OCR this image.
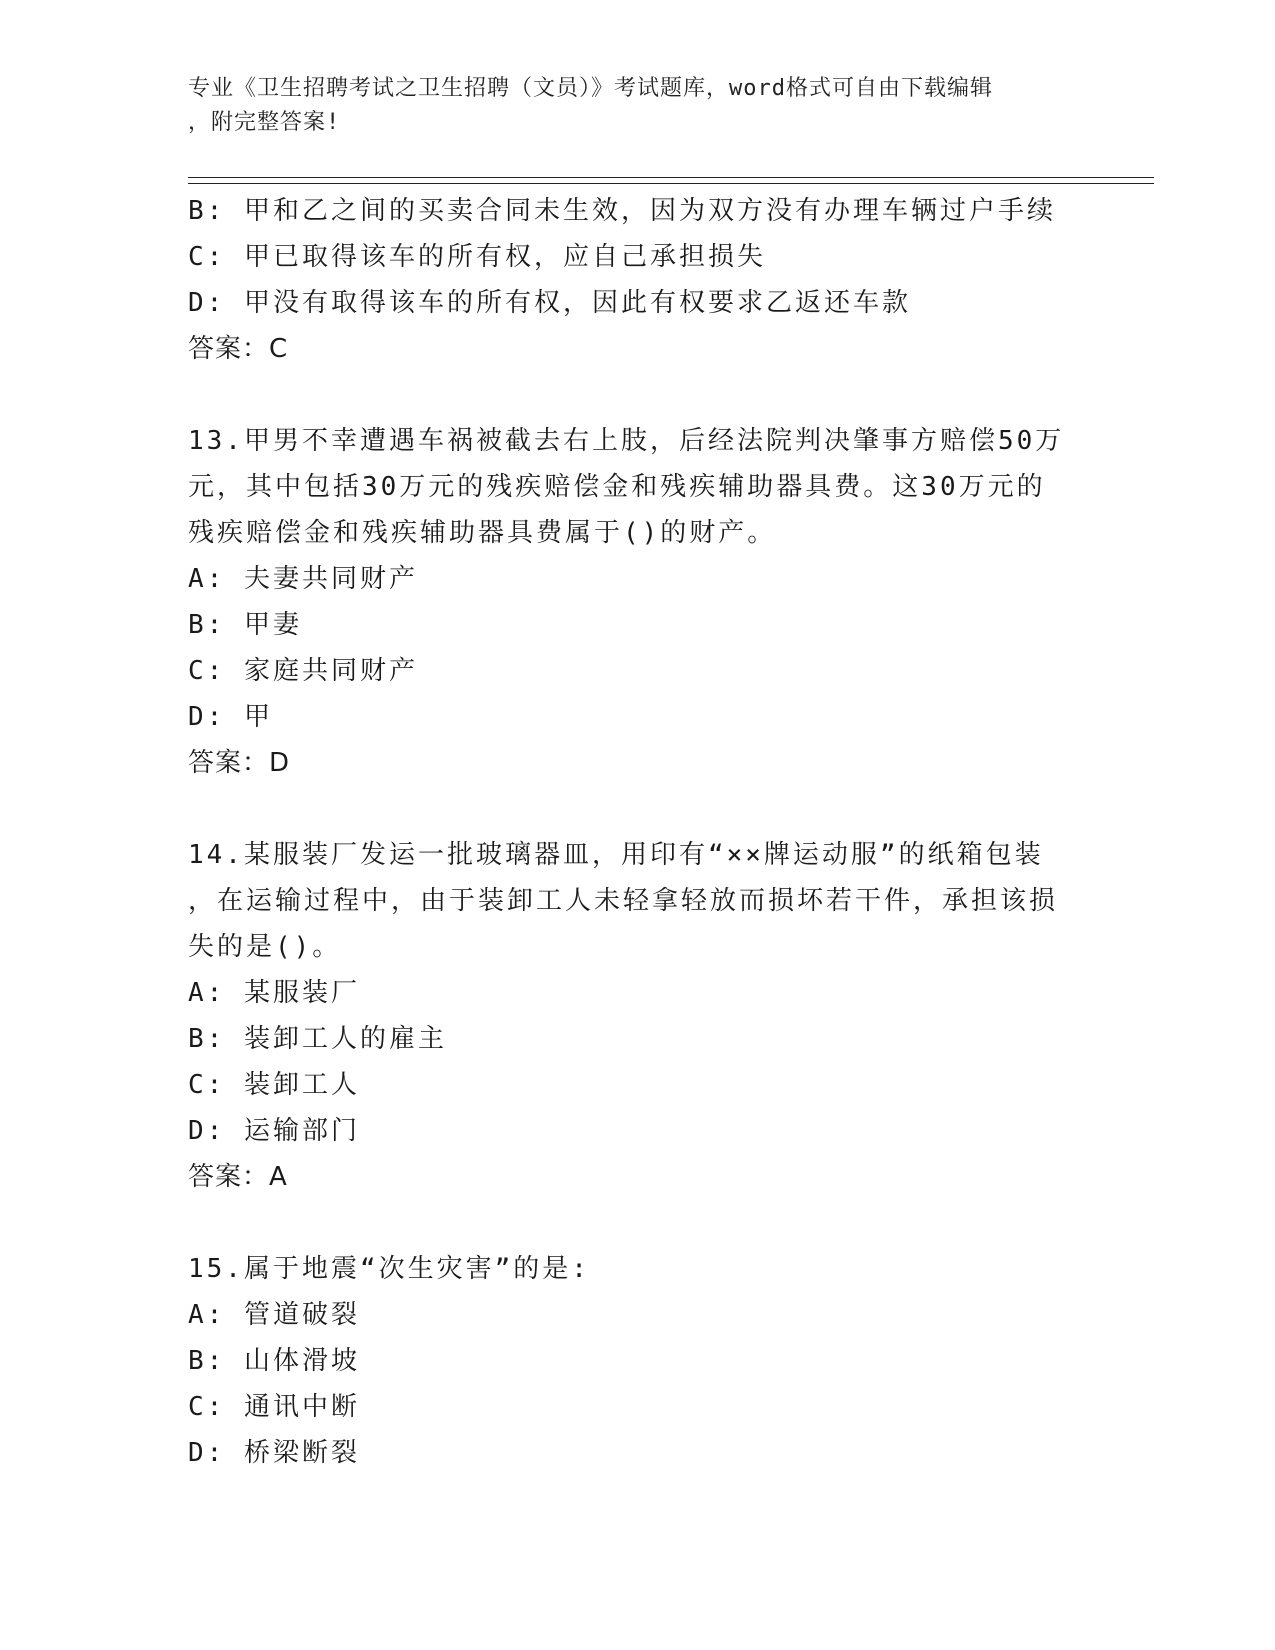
专业《卫生招聘考试之卫生招聘（文员）》考试题库，word格式可自由下载编辑
，附完整答案!
B: 甲和乙之间的买卖合同未生效，因为双方没有办理车辆过户手续
C: 甲已取得该车的所有权，应自己承担损失
D: 甲没有取得该车的所有权，因此有权要求乙返还车款
答案：C
13.甲男不幸遭遇车祸被截去右上肢，后经法院判决肇事方赔偿50万
元，其中包括30万元的残疾赔偿金和残疾辅助器具费。这30万元的
残疾赔偿金和残疾辅助器具费属于()的财产。
A: 夫妻共同财产
B: 甲妻
C: 家庭共同财产
D: 甲
答案：D
14.某服装厂发运一批玻璃器皿，用印有“××牌运动服”的纸箱包装
，在运输过程中，由于装卸工人未轻拿轻放而损坏若干件，承担该损
失的是()。
A: 某服装厂
B: 装卸工人的雇主
C: 装卸工人
D: 运输部门
答案：A
15.属于地震“次生灾害”的是:
A: 管道破裂
B: 山体滑坡
C: 通讯中断
D: 桥梁断裂
